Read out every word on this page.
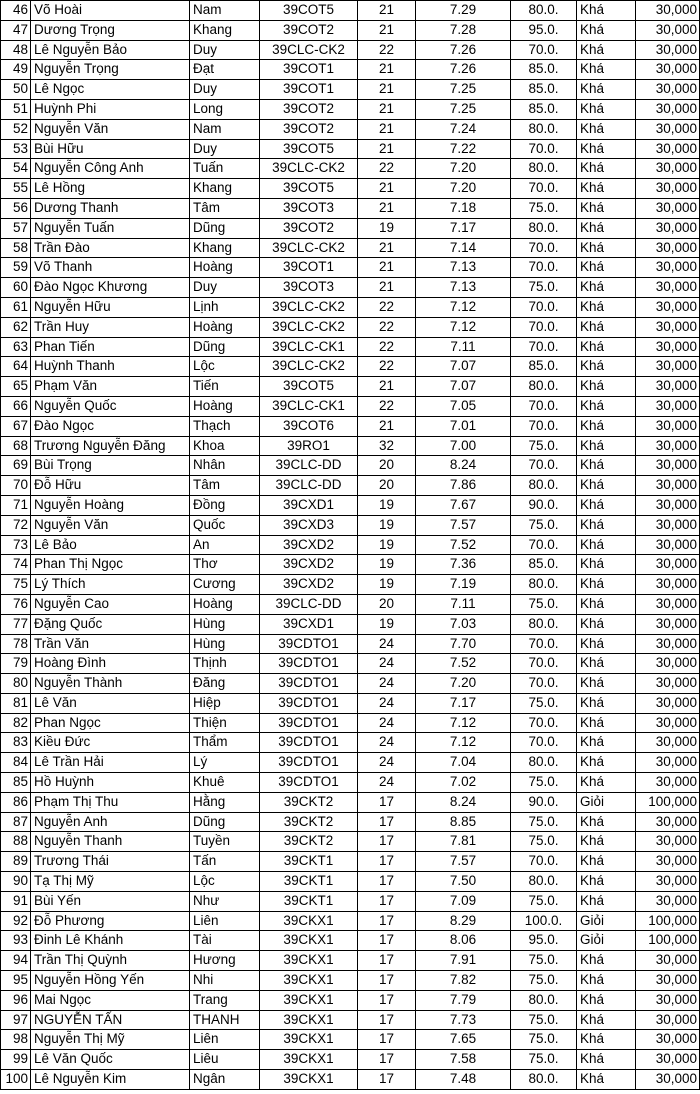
46	Võ Hoài	Nam	39COT5	21	7.29	80.0.	Khá	30,000
47	Dương Trọng	Khang	39COT2	21	7.28	95.0.	Khá	30,000
48	Lê Nguyễn Bảo	Duy	39CLC-CK2	22	7.26	70.0.	Khá	30,000
49	Nguyễn Trọng	Đạt	39COT1	21	7.26	85.0.	Khá	30,000
50	Lê Ngọc	Duy	39COT1	21	7.25	85.0.	Khá	30,000
51	Huỳnh Phi	Long	39COT2	21	7.25	85.0.	Khá	30,000
52	Nguyễn Văn	Nam	39COT2	21	7.24	80.0.	Khá	30,000
53	Bùi Hữu	Duy	39COT5	21	7.22	70.0.	Khá	30,000
54	Nguyễn Công Anh	Tuấn	39CLC-CK2	22	7.20	80.0.	Khá	30,000
55	Lê Hồng	Khang	39COT5	21	7.20	70.0.	Khá	30,000
56	Dương Thanh	Tâm	39COT3	21	7.18	75.0.	Khá	30,000
57	Nguyễn Tuấn	Dũng	39COT2	19	7.17	80.0.	Khá	30,000
58	Trần Đào	Khang	39CLC-CK2	21	7.14	70.0.	Khá	30,000
59	Võ Thanh	Hoàng	39COT1	21	7.13	70.0.	Khá	30,000
60	Đào Ngọc Khương	Duy	39COT3	21	7.13	75.0.	Khá	30,000
61	Nguyễn Hữu	Lịnh	39CLC-CK2	22	7.12	70.0.	Khá	30,000
62	Trần Huy	Hoàng	39CLC-CK2	22	7.12	70.0.	Khá	30,000
63	Phan Tiến	Dũng	39CLC-CK1	22	7.11	70.0.	Khá	30,000
64	Huỳnh Thanh	Lộc	39CLC-CK2	22	7.07	85.0.	Khá	30,000
65	Phạm Văn	Tiến	39COT5	21	7.07	80.0.	Khá	30,000
66	Nguyễn Quốc	Hoàng	39CLC-CK1	22	7.05	70.0.	Khá	30,000
67	Đào Ngọc	Thạch	39COT6	21	7.01	70.0.	Khá	30,000
68	Trương Nguyễn Đăng	Khoa	39RO1	32	7.00	75.0.	Khá	30,000
69	Bùi Trọng	Nhân	39CLC-DD	20	8.24	70.0.	Khá	30,000
70	Đỗ Hữu	Tâm	39CLC-DD	20	7.86	80.0.	Khá	30,000
71	Nguyễn Hoàng	Đồng	39CXD1	19	7.67	90.0.	Khá	30,000
72	Nguyễn Văn	Quốc	39CXD3	19	7.57	75.0.	Khá	30,000
73	Lê Bảo	An	39CXD2	19	7.52	70.0.	Khá	30,000
74	Phan Thị Ngọc	Thơ	39CXD2	19	7.36	85.0.	Khá	30,000
75	Lý Thích	Cương	39CXD2	19	7.19	80.0.	Khá	30,000
76	Nguyễn Cao	Hoàng	39CLC-DD	20	7.11	75.0.	Khá	30,000
77	Đặng Quốc	Hùng	39CXD1	19	7.03	80.0.	Khá	30,000
78	Trần Văn	Hùng	39CDTO1	24	7.70	70.0.	Khá	30,000
79	Hoàng Đình	Thịnh	39CDTO1	24	7.52	70.0.	Khá	30,000
80	Nguyễn Thành	Đăng	39CDTO1	24	7.20	70.0.	Khá	30,000
81	Lê Văn	Hiệp	39CDTO1	24	7.17	75.0.	Khá	30,000
82	Phan Ngọc	Thiện	39CDTO1	24	7.12	70.0.	Khá	30,000
83	Kiều Đức	Thẩm	39CDTO1	24	7.12	70.0.	Khá	30,000
84	Lê Trần Hải	Lý	39CDTO1	24	7.04	80.0.	Khá	30,000
85	Hồ Huỳnh	Khuê	39CDTO1	24	7.02	75.0.	Khá	30,000
86	Phạm Thị Thu	Hằng	39CKT2	17	8.24	90.0.	Giỏi	100,000
87	Nguyễn Anh	Dũng	39CKT2	17	8.85	75.0.	Khá	30,000
88	Nguyễn Thanh	Tuyền	39CKT2	17	7.81	75.0.	Khá	30,000
89	Trương Thái	Tấn	39CKT1	17	7.57	70.0.	Khá	30,000
90	Tạ Thị Mỹ	Lộc	39CKT1	17	7.50	80.0.	Khá	30,000
91	Bùi Yến	Như	39CKT1	17	7.09	75.0.	Khá	30,000
92	Đỗ Phương	Liên	39CKX1	17	8.29	100.0.	Giỏi	100,000
93	Đinh Lê Khánh	Tài	39CKX1	17	8.06	95.0.	Giỏi	100,000
94	Trần Thị Quỳnh	Hương	39CKX1	17	7.91	75.0.	Khá	30,000
95	Nguyễn Hồng Yến	Nhi	39CKX1	17	7.82	75.0.	Khá	30,000
96	Mai Ngọc	Trang	39CKX1	17	7.79	80.0.	Khá	30,000
97	NGUYỄN TẤN	THANH	39CKX1	17	7.73	75.0.	Khá	30,000
98	Nguyễn Thị Mỹ	Liên	39CKX1	17	7.65	75.0.	Khá	30,000
99	Lê Văn Quốc	Liêu	39CKX1	17	7.58	75.0.	Khá	30,000
100	Lê Nguyễn Kim	Ngân	39CKX1	17	7.48	80.0.	Khá	30,000
